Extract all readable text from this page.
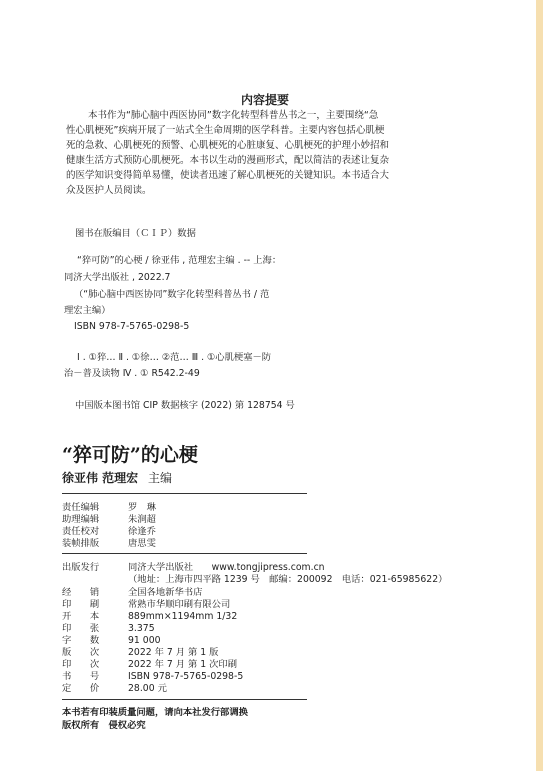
内容提要

本书作为“肺心脑中西医协同”数字化转型科普丛书之一，主要围绕“急

性心肌梗死”疾病开展了一站式全生命周期的医学科普。主要内容包括心肌梗

死的急救、心肌梗死的预警、心肌梗死的心脏康复、心肌梗死的护理小妙招和

健康生活方式预防心肌梗死。本书以生动的漫画形式，配以简洁的表述让复杂

的医学知识变得简单易懂，使读者迅速了解心肌梗死的关键知识。本书适合大

众及医护人员阅读。

图书在版编目（ＣＩＰ）数据
“猝可防”的心梗 / 徐亚伟 , 范理宏主编 . -- 上海：
同济大学出版社 , 2022.7
（“肺心脑中西医协同”数字化转型科普丛书 / 范
理宏主编）
ISBN 978-7-5765-0298-5
Ⅰ . ①猝… Ⅱ . ①徐… ②范… Ⅲ . ①心肌梗塞－防
治－普及读物 Ⅳ . ① R542.2-49
中国版本图书馆 CIP 数据核字 (2022) 第 128754 号
“猝可防”的心梗
徐亚伟 范理宏 主编
责任编辑	罗　琳
助理编辑	朱涧超
责任校对	徐逢乔
装帧排版	唐思雯
出版发行	同济大学出版社　　www.tongjipress.com.cn
（地址：上海市四平路 1239 号　邮编：200092　电话：021-65985622）
经　　销	全国各地新华书店
印　　刷	常熟市华顺印刷有限公司
开　　本	889mm×1194mm 1/32
印　　张	3.375
字　　数	91 000
版　　次	2022 年 7 月 第 1 版
印　　次	2022 年 7 月 第 1 次印刷
书　　号	ISBN 978-7-5765-0298-5
定　　价	28.00 元
本书若有印装质量问题，请向本社发行部调换
版权所有　侵权必究
